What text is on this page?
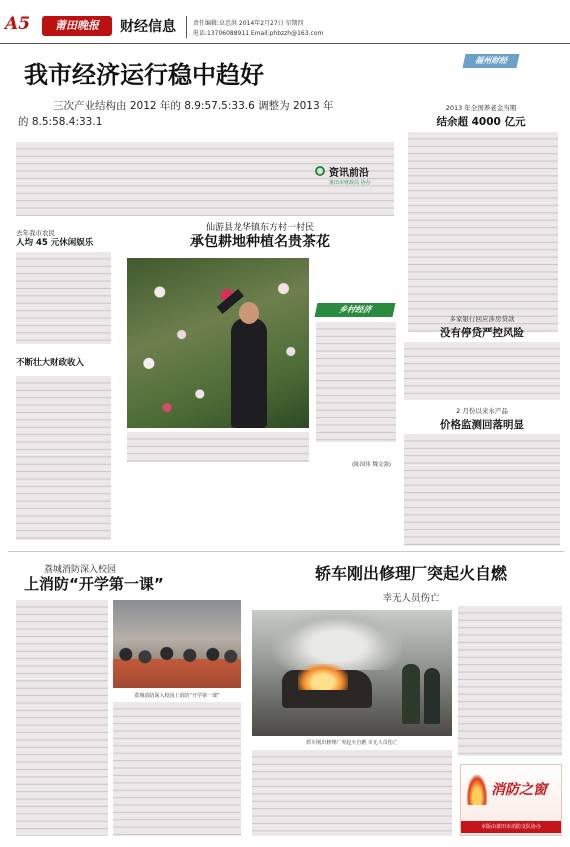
A5	莆田晚报	财经信息	责任编辑:卓忠洪 2014年2月27日 星期四
电话:13706088911 Email:phbzzh@163.com
我市经济运行稳中趋好
三次产业结构由 2012 年的 8.9:57.5:33.6 调整为 2013 年
的 8.5:58.4:33.1
福州财经
2013 年全国养老金当期
结余超 4000 亿元
去年我市农民
人均 45 元休闲娱乐
不断壮大财政收入
资讯前沿
莆田市财政局 协办
仙游县龙华镇东方村一村民
承包耕地种植名贵茶花
乡村经济
(陈国伟 魏文强)
多家银行回应涉房贷款
没有停贷严控风险
2 月份以来水产品
价格监测回落明显
荔城消防深入校园
上消防“开学第一课”
荔城消防深入校园上消防“开学第一课”
轿车刚出修理厂突起火自燃
幸无人员伤亡
轿车刚出修理厂突起火自燃 幸无人员伤亡
消防之窗
本版由莆田市消防支队协办
